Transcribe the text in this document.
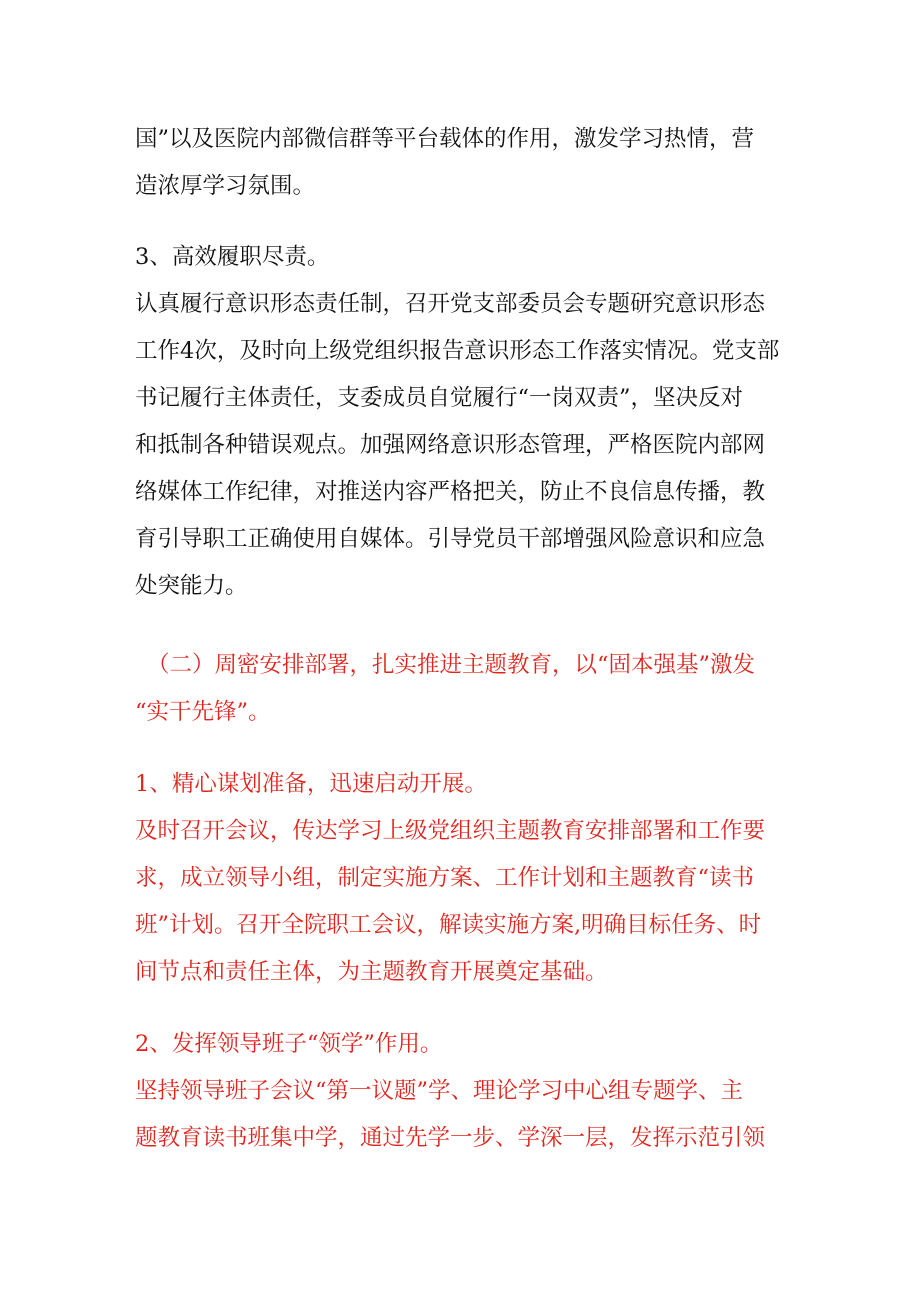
国”以及医院内部微信群等平台载体的作用，激发学习热情，营
造浓厚学习氛围。
3、高效履职尽责。
认真履行意识形态责任制，召开党支部委员会专题研究意识形态
工作4次，及时向上级党组织报告意识形态工作落实情况。党支部
书记履行主体责任，支委成员自觉履行“一岗双责”，坚决反对
和抵制各种错误观点。加强网络意识形态管理，严格医院内部网
络媒体工作纪律，对推送内容严格把关，防止不良信息传播，教
育引导职工正确使用自媒体。引导党员干部增强风险意识和应急
处突能力。
（二）周密安排部署，扎实推进主题教育，以“固本强基”激发
“实干先锋”。
1、精心谋划准备，迅速启动开展。
及时召开会议，传达学习上级党组织主题教育安排部署和工作要
求，成立领导小组，制定实施方案、工作计划和主题教育“读书
班”计划。召开全院职工会议，解读实施方案,明确目标任务、时
间节点和责任主体，为主题教育开展奠定基础。
2、发挥领导班子“领学”作用。
坚持领导班子会议“第一议题”学、理论学习中心组专题学、主
题教育读书班集中学，通过先学一步、学深一层，发挥示范引领
